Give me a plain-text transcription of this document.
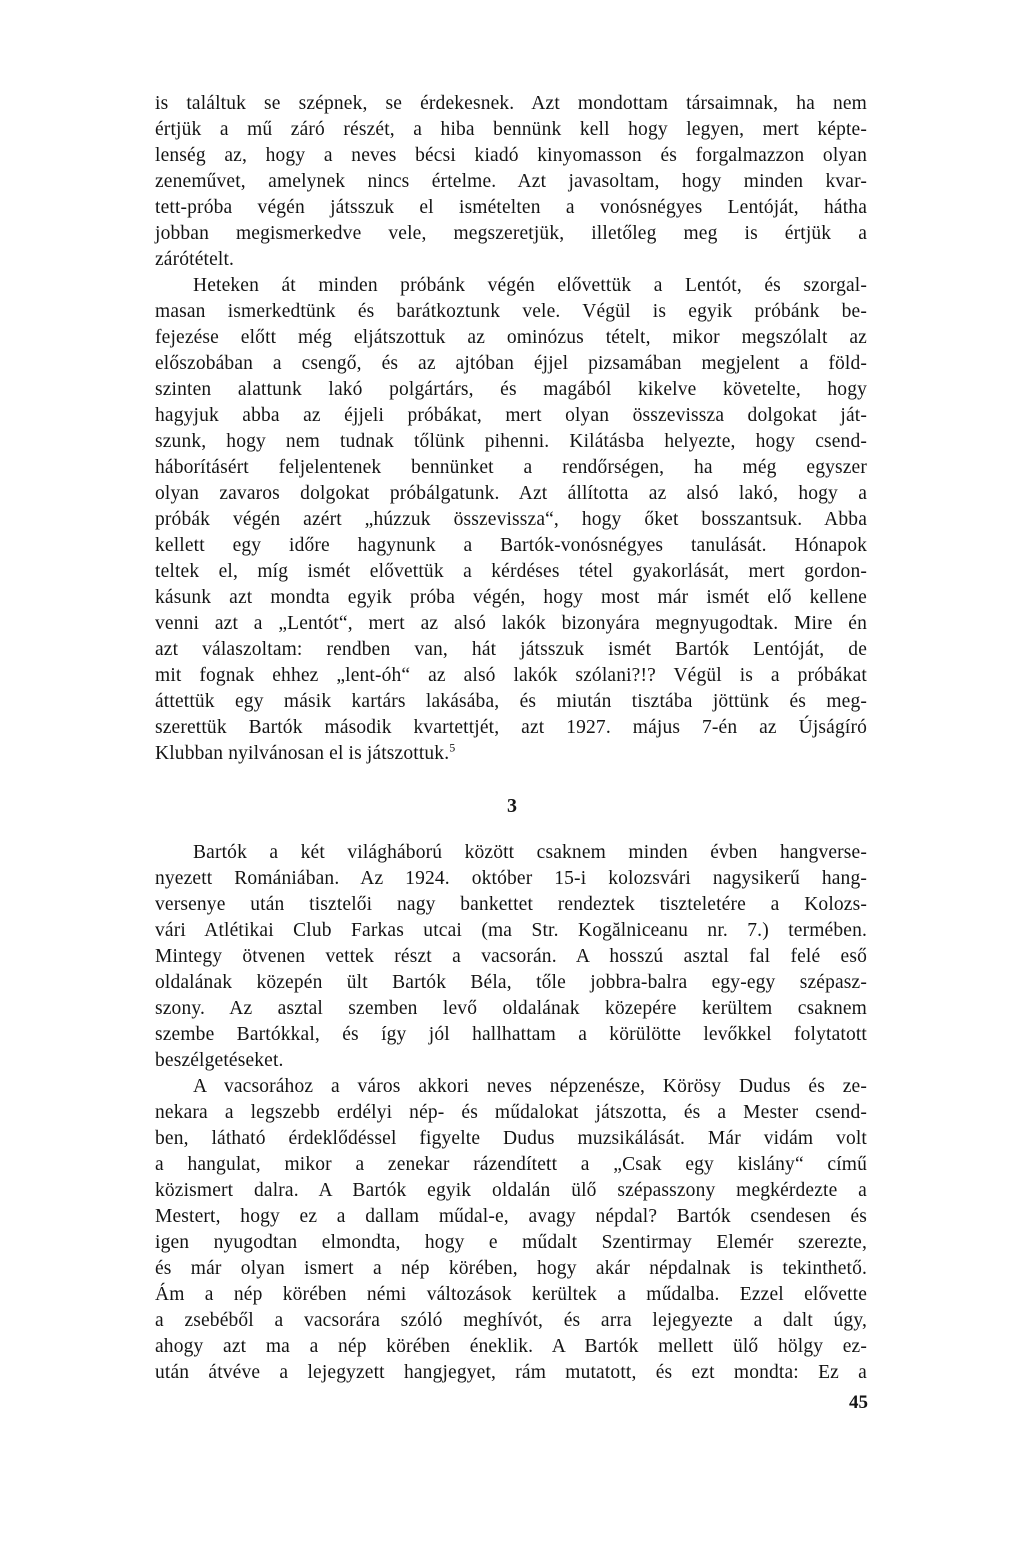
is találtuk se szépnek, se érdekesnek. Azt mondottam társaimnak, ha nem
értjük a mű záró részét, a hiba bennünk kell hogy legyen, mert képte-
lenség az, hogy a neves bécsi kiadó kinyomasson és forgalmazzon olyan
zeneművet, amelynek nincs értelme. Azt javasoltam, hogy minden kvar-
tett-próba végén játsszuk el ismételten a vonósnégyes Lentóját, hátha
jobban megismerkedve vele, megszeretjük, illetőleg meg is értjük a
zárótételt.
Heteken át minden próbánk végén elővettük a Lentót, és szorgal-
masan ismerkedtünk és barátkoztunk vele. Végül is egyik próbánk be-
fejezése előtt még eljátszottuk az ominózus tételt, mikor megszólalt az
előszobában a csengő, és az ajtóban éjjel pizsamában megjelent a föld-
szinten alattunk lakó polgártárs, és magából kikelve követelte, hogy
hagyjuk abba az éjjeli próbákat, mert olyan összevissza dolgokat ját-
szunk, hogy nem tudnak tőlünk pihenni. Kilátásba helyezte, hogy csend-
háborításért feljelentenek bennünket a rendőrségen, ha még egyszer
olyan zavaros dolgokat próbálgatunk. Azt állította az alsó lakó, hogy a
próbák végén azért „húzzuk összevissza“, hogy őket bosszantsuk. Abba
kellett egy időre hagynunk a Bartók-vonósnégyes tanulását. Hónapok
teltek el, míg ismét elővettük a kérdéses tétel gyakorlását, mert gordon-
kásunk azt mondta egyik próba végén, hogy most már ismét elő kellene
venni azt a „Lentót“, mert az alsó lakók bizonyára megnyugodtak. Mire én
azt válaszoltam: rendben van, hát játsszuk ismét Bartók Lentóját, de
mit fognak ehhez „lent-óh“ az alsó lakók szólani?!? Végül is a próbákat
áttettük egy másik kartárs lakásába, és miután tisztába jöttünk és meg-
szerettük Bartók második kvartettjét, azt 1927. május 7-én az Újságíró
Klubban nyilvánosan el is játszottuk.$^5$
3
Bartók a két világháború között csaknem minden évben hangverse-
nyezett Romániában. Az 1924. október 15-i kolozsvári nagysikerű hang-
versenye után tisztelői nagy bankettet rendeztek tiszteletére a Kolozs-
vári Atlétikai Club Farkas utcai (ma Str. Kogălniceanu nr. 7.) termében.
Mintegy ötvenen vettek részt a vacsorán. A hosszú asztal fal felé eső
oldalának közepén ült Bartók Béla, tőle jobbra-balra egy-egy szépasz-
szony. Az asztal szemben levő oldalának közepére kerültem csaknem
szembe Bartókkal, és így jól hallhattam a körülötte levőkkel folytatott
beszélgetéseket.
A vacsorához a város akkori neves népzenésze, Körösy Dudus és ze-
nekara a legszebb erdélyi nép- és műdalokat játszotta, és a Mester csend-
ben, látható érdeklődéssel figyelte Dudus muzsikálását. Már vidám volt
a hangulat, mikor a zenekar rázendített a „Csak egy kislány“ című
közismert dalra. A Bartók egyik oldalán ülő szépasszony megkérdezte a
Mestert, hogy ez a dallam műdal-e, avagy népdal? Bartók csendesen és
igen nyugodtan elmondta, hogy e műdalt Szentirmay Elemér szerezte,
és már olyan ismert a nép körében, hogy akár népdalnak is tekinthető.
Ám a nép körében némi változások kerültek a műdalba. Ezzel elővette
a zsebéből a vacsorára szóló meghívót, és arra lejegyezte a dalt úgy,
ahogy azt ma a nép körében éneklik. A Bartók mellett ülő hölgy ez-
után átvéve a lejegyzett hangjegyet, rám mutatott, és ezt mondta: Ez a
45
